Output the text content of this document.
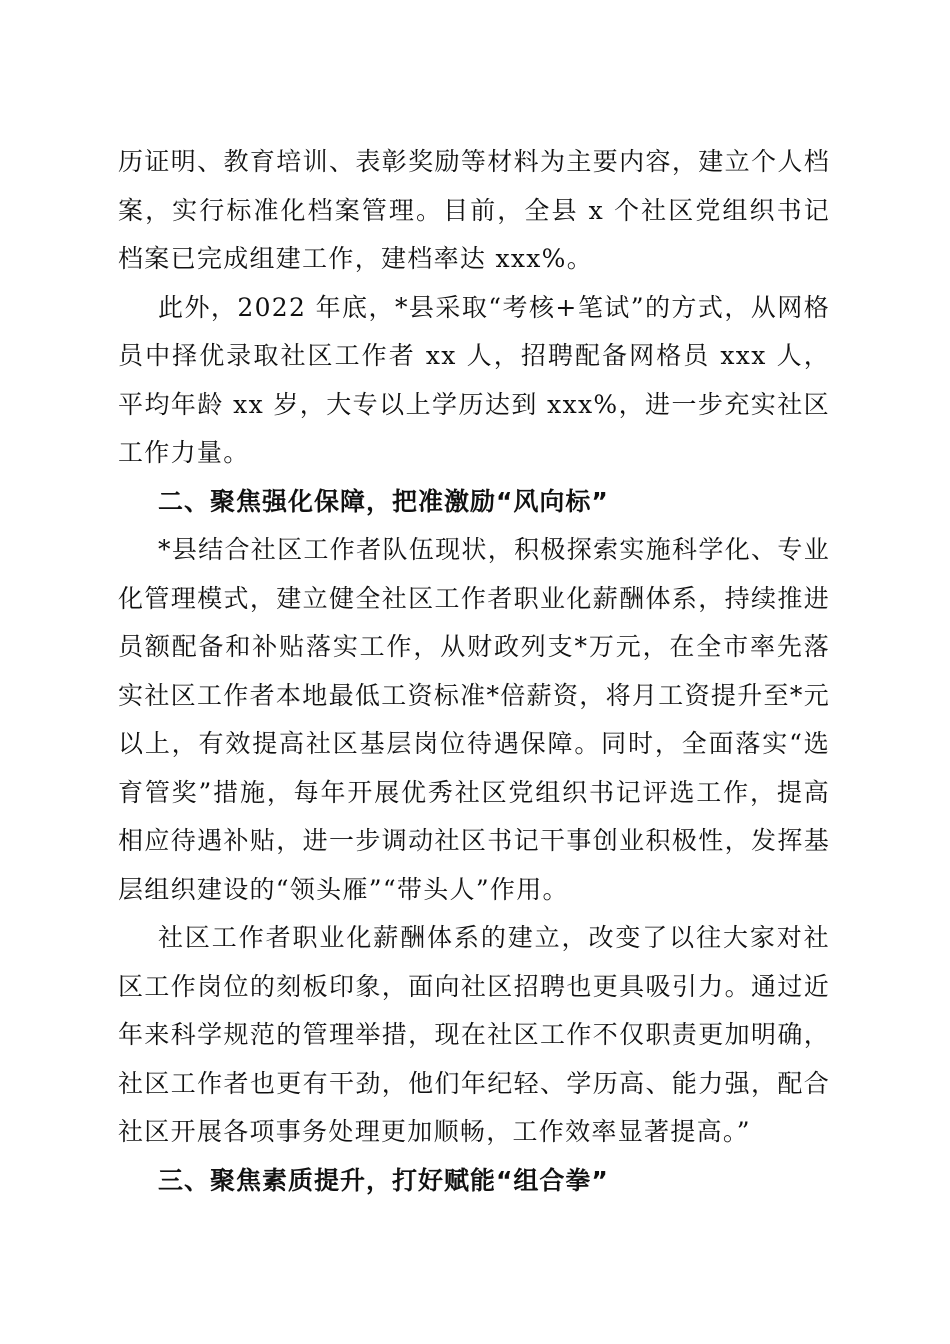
历证明、教育培训、表彰奖励等材料为主要内容，建立个人档案，实行标准化档案管理。目前，全县 x 个社区党组织书记档案已完成组建工作，建档率达 xxx%。

此外，2022 年底，*县采取“考核+笔试”的方式，从网格员中择优录取社区工作者 xx 人，招聘配备网格员 xxx 人，平均年龄 xx 岁，大专以上学历达到 xxx%，进一步充实社区工作力量。

二、聚焦强化保障，把准激励“风向标”

*县结合社区工作者队伍现状，积极探索实施科学化、专业化管理模式，建立健全社区工作者职业化薪酬体系，持续推进员额配备和补贴落实工作，从财政列支*万元，在全市率先落实社区工作者本地最低工资标准*倍薪资，将月工资提升至*元以上，有效提高社区基层岗位待遇保障。同时，全面落实“选育管奖”措施，每年开展优秀社区党组织书记评选工作，提高相应待遇补贴，进一步调动社区书记干事创业积极性，发挥基层组织建设的“领头雁”“带头人”作用。

社区工作者职业化薪酬体系的建立，改变了以往大家对社区工作岗位的刻板印象，面向社区招聘也更具吸引力。通过近年来科学规范的管理举措，现在社区工作不仅职责更加明确，社区工作者也更有干劲，他们年纪轻、学历高、能力强，配合社区开展各项事务处理更加顺畅，工作效率显著提高。”

三、聚焦素质提升，打好赋能“组合拳”
